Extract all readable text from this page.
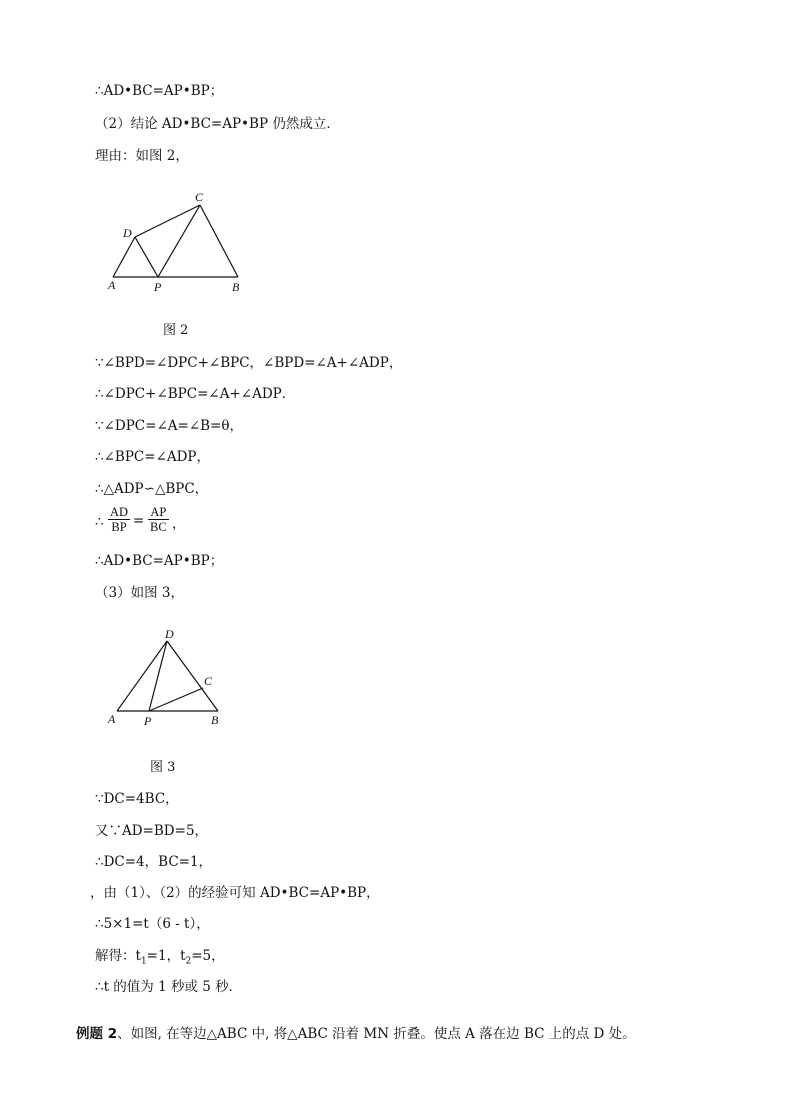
∴AD•BC=AP•BP；
（2）结论 AD•BC=AP•BP 仍然成立．
理由：如图 2，
D
C
A	P	B
图 2
∵∠BPD=∠DPC+∠BPC，∠BPD=∠A+∠ADP，
∴∠DPC+∠BPC=∠A+∠ADP．
∵∠DPC=∠A=∠B=θ，
∴∠BPC=∠ADP，
∴△ADP∽△BPC，
∴
AD
BP =
AP
BC ，
∴AD•BC=AP•BP；
（3）如图 3，
D
C
A P	B
图 3
∵DC=4BC，
又∵AD=BD=5，
∴DC=4，BC=1，
，由（1）、（2）的经验可知 AD•BC=AP•BP，
∴5×1=t（6 - t），
解得：$t_1=1$，$t_2=5$，
∴t 的值为 1 秒或 5 秒．
例题 2、如图, 在等边△ABC 中, 将△ABC 沿着 MN 折叠。使点 A 落在边 BC 上的点 D 处。
